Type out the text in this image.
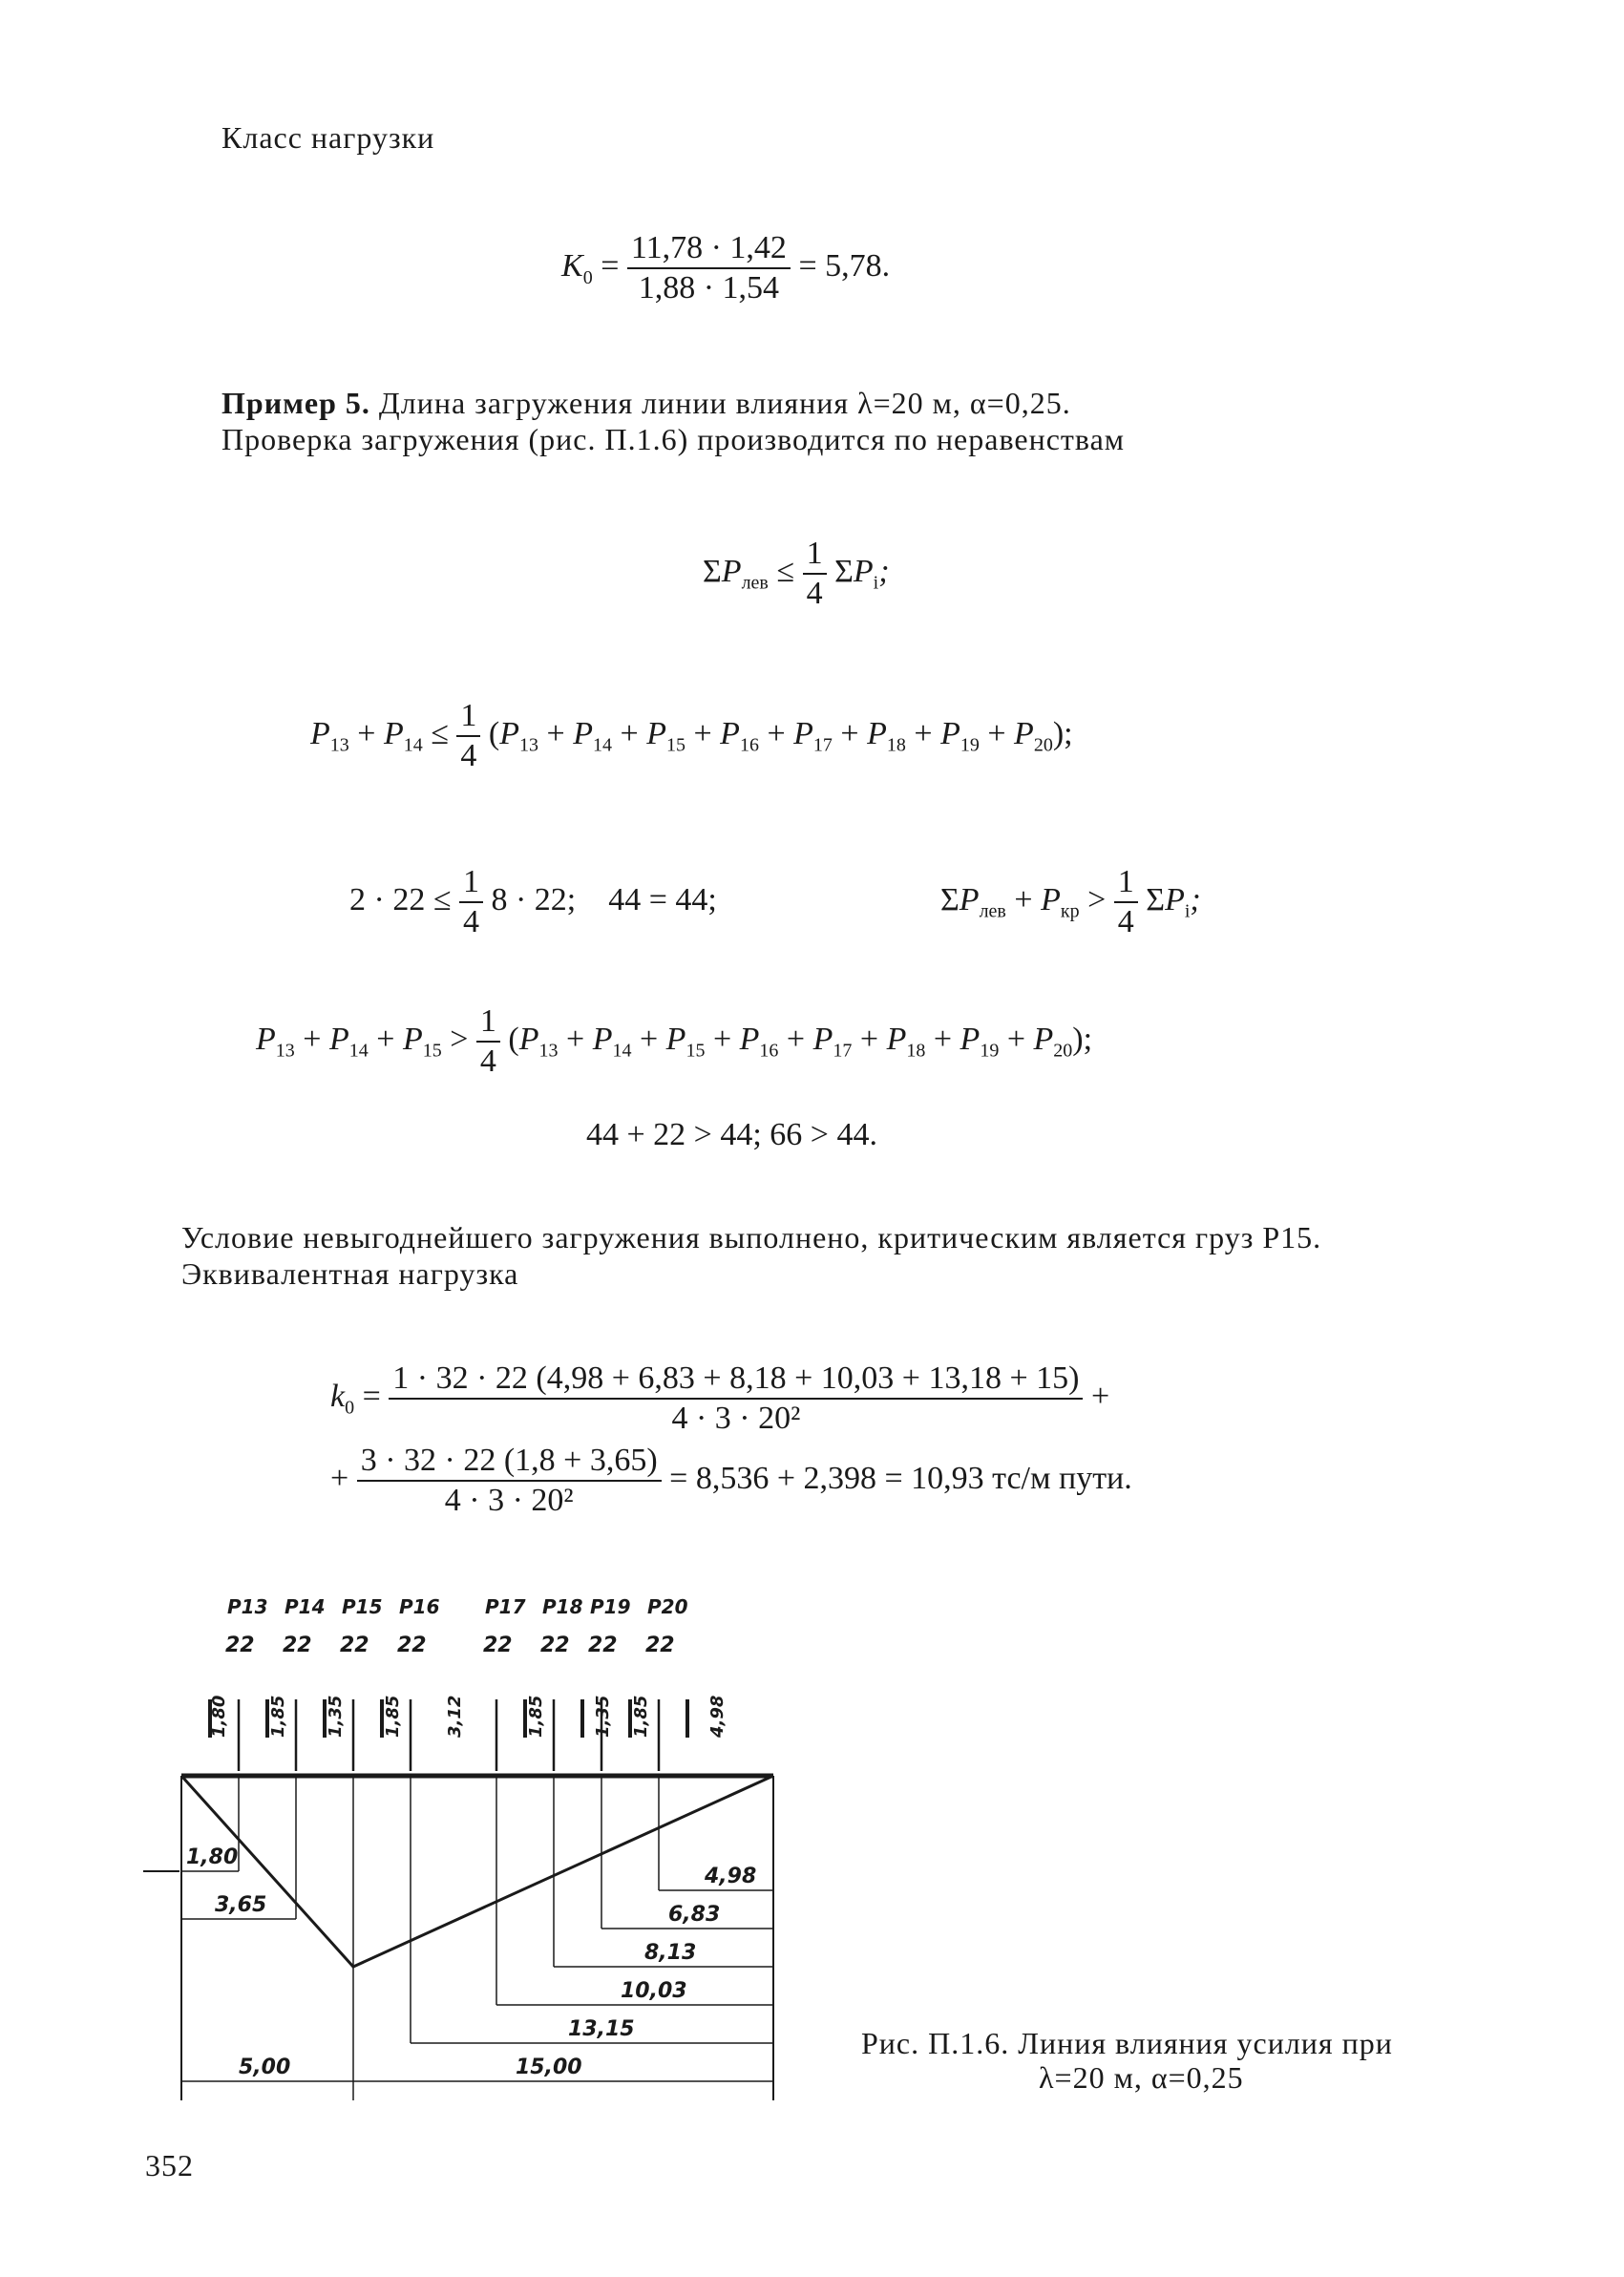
Класс нагрузки
$K_0 = \frac{11,78 \cdot 1,42}{1,88 \cdot 1,54} = 5,78$.
Пример 5. Длина загружения линии влияния λ=20 м, α=0,25.
Проверка загружения (рис. П.1.6) производится по неравенствам
$\Sigma P_{лев} \le \frac{1}{4} \Sigma P_i$;
$P_{13} + P_{14} \le \frac{1}{4} (P_{13} + P_{14} + P_{15} + P_{16} + P_{17} + P_{18} + P_{19} + P_{20})$;
$2 \cdot 22 \le \frac{1}{4} 8 \cdot 22$;    44 = 44;	$\Sigma P_{лев} + P_{кр} > \frac{1}{4} \Sigma P_i$;
$P_{13} + P_{14} + P_{15} > \frac{1}{4} (P_{13} + P_{14} + P_{15} + P_{16} + P_{17} + P_{18} + P_{19} + P_{20})$;
44 + 22 > 44; 66 > 44.
Условие невыгоднейшего загружения выполнено, критическим является груз P15.
Эквивалентная нагрузка
$k_0 = \frac{1 \cdot 32 \cdot 22 (4,98 + 6,83 + 8,18 + 10,03 + 13,18 + 15)}{\text{4 · 3 · 20²}}$ +
+ $\frac{3 \cdot 32 \cdot 22 (1,8 + 3,65)}{\text{4 · 3 · 20²}} = 8,536 + 2,398 = 10,93$ тс/м пути.
P13 P14 P15 P16 P17 P18 P19 P20
22 22 22 22	22 22 22 22
1,80 1,85 1,35 1,85 3,12	1,85	1,35 1,85	4,98
1,80
3,65
5,00
4,98
6,83
8,13
10,03
13,15
15,00
Рис. П.1.6. Линия влияния усилия при
λ=20 м, α=0,25
352
